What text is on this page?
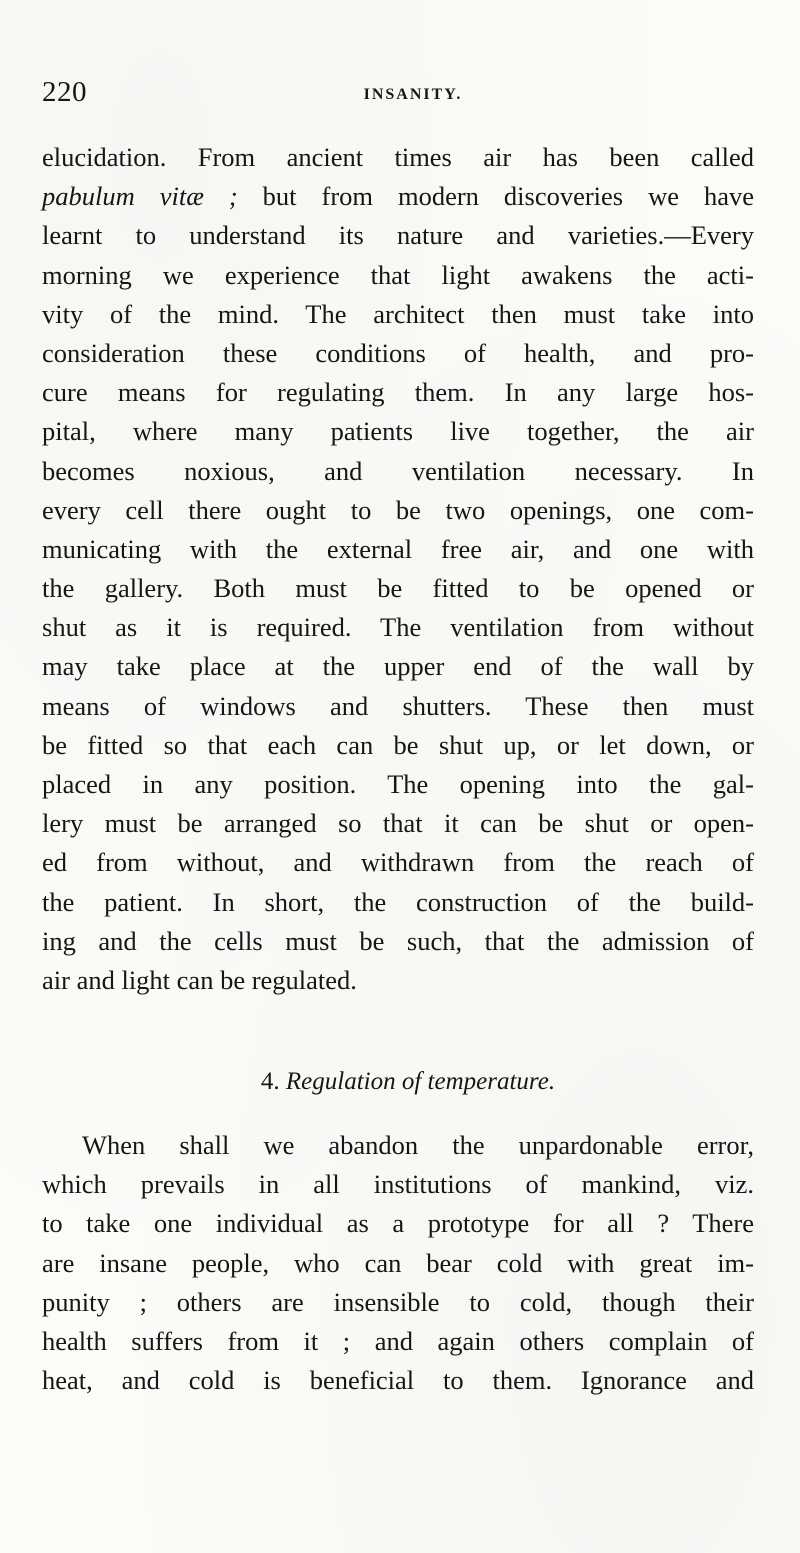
220	INSANITY.
elucidation. From ancient times air has been called
pabulum vitæ ; but from modern discoveries we have
learnt to understand its nature and varieties.—Every
morning we experience that light awakens the acti-
vity of the mind. The architect then must take into
consideration these conditions of health, and pro-
cure means for regulating them. In any large hos-
pital, where many patients live together, the air
becomes noxious, and ventilation necessary. In
every cell there ought to be two openings, one com-
municating with the external free air, and one with
the gallery. Both must be fitted to be opened or
shut as it is required. The ventilation from without
may take place at the upper end of the wall by
means of windows and shutters. These then must
be fitted so that each can be shut up, or let down, or
placed in any position. The opening into the gal-
lery must be arranged so that it can be shut or open-
ed from without, and withdrawn from the reach of
the patient. In short, the construction of the build-
ing and the cells must be such, that the admission of
air and light can be regulated.
4. Regulation of temperature.
When shall we abandon the unpardonable error,
which prevails in all institutions of mankind, viz.
to take one individual as a prototype for all ? There
are insane people, who can bear cold with great im-
punity ; others are insensible to cold, though their
health suffers from it ; and again others complain of
heat, and cold is beneficial to them. Ignorance and
